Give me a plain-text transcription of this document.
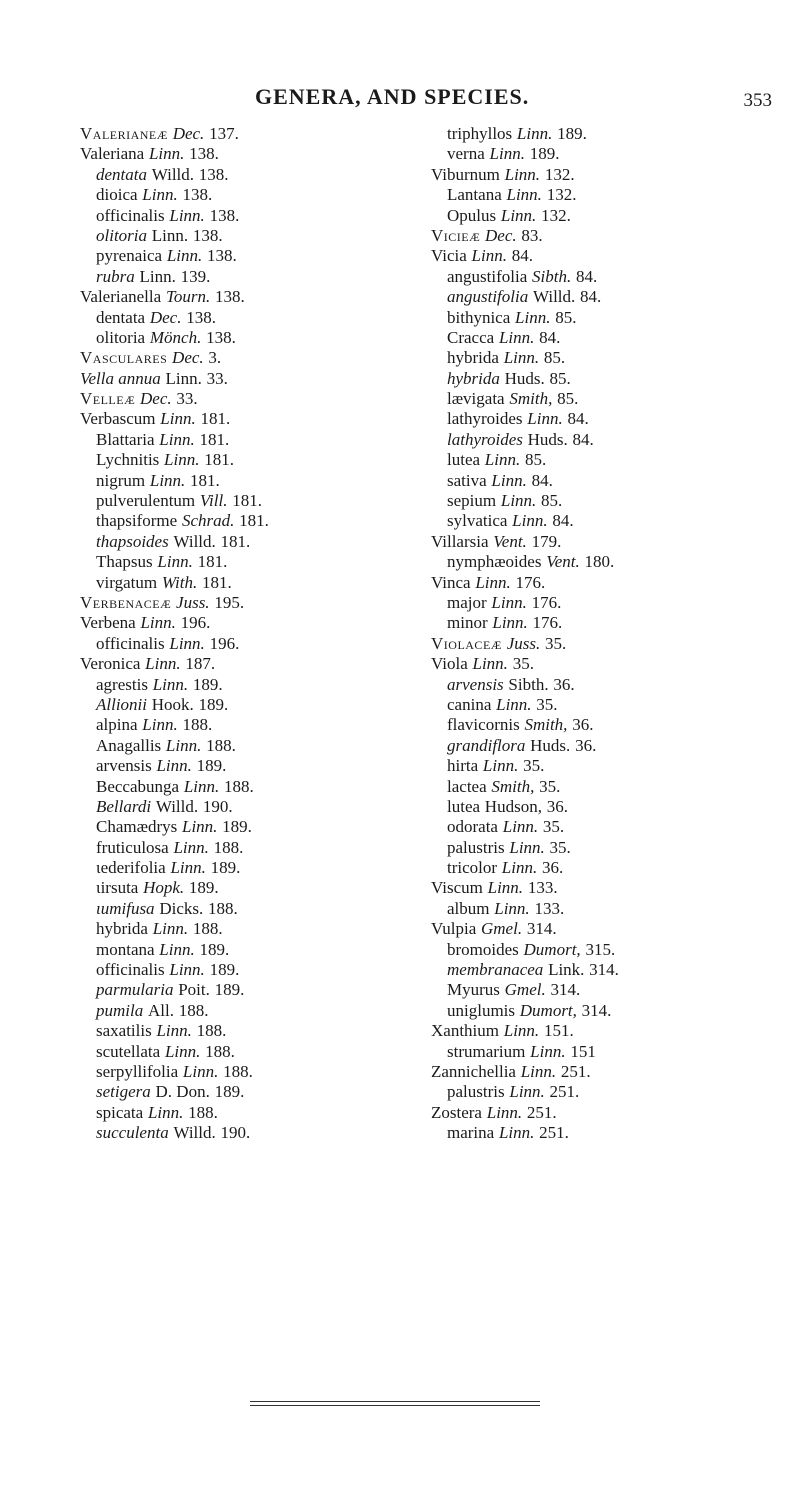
GENERA, AND SPECIES.	353
Valerianeæ Dec. 137.
Valeriana Linn. 138.
dentata Willd. 138.
dioica Linn. 138.
officinalis Linn. 138.
olitoria Linn. 138.
pyrenaica Linn. 138.
rubra Linn. 139.
Valerianella Tourn. 138.
dentata Dec. 138.
olitoria Mönch. 138.
Vasculares Dec. 3.
Vella annua Linn. 33.
Velleæ Dec. 33.
Verbascum Linn. 181.
Blattaria Linn. 181.
Lychnitis Linn. 181.
nigrum Linn. 181.
pulverulentum Vill. 181.
thapsiforme Schrad. 181.
thapsoides Willd. 181.
Thapsus Linn. 181.
virgatum With. 181.
Verbenaceæ Juss. 195.
Verbena Linn. 196.
officinalis Linn. 196.
Veronica Linn. 187.
agrestis Linn. 189.
Allionii Hook. 189.
alpina Linn. 188.
Anagallis Linn. 188.
arvensis Linn. 189.
Beccabunga Linn. 188.
Bellardi Willd. 190.
Chamædrys Linn. 189.
fruticulosa Linn. 188.
ιederifolia Linn. 189.
ιirsuta Hopk. 189.
ιumifusa Dicks. 188.
hybrida Linn. 188.
montana Linn. 189.
officinalis Linn. 189.
parmularia Poit. 189.
pumila All. 188.
saxatilis Linn. 188.
scutellata Linn. 188.
serpyllifolia Linn. 188.
setigera D. Don. 189.
spicata Linn. 188.
succulenta Willd. 190.
triphyllos Linn. 189.
verna Linn. 189.
Viburnum Linn. 132.
Lantana Linn. 132.
Opulus Linn. 132.
Vicieæ Dec. 83.
Vicia Linn. 84.
angustifolia Sibth. 84.
angustifolia Willd. 84.
bithynica Linn. 85.
Cracca Linn. 84.
hybrida Linn. 85.
hybrida Huds. 85.
lævigata Smith, 85.
lathyroides Linn. 84.
lathyroides Huds. 84.
lutea Linn. 85.
sativa Linn. 84.
sepium Linn. 85.
sylvatica Linn. 84.
Villarsia Vent. 179.
nymphæoides Vent. 180.
Vinca Linn. 176.
major Linn. 176.
minor Linn. 176.
Violaceæ Juss. 35.
Viola Linn. 35.
arvensis Sibth. 36.
canina Linn. 35.
flavicornis Smith, 36.
grandiflora Huds. 36.
hirta Linn. 35.
lactea Smith, 35.
lutea Hudson, 36.
odorata Linn. 35.
palustris Linn. 35.
tricolor Linn. 36.
Viscum Linn. 133.
album Linn. 133.
Vulpia Gmel. 314.
bromoides Dumort, 315.
membranacea Link. 314.
Myurus Gmel. 314.
uniglumis Dumort, 314.
Xanthium Linn. 151.
strumarium Linn. 151
Zannichellia Linn. 251.
palustris Linn. 251.
Zostera Linn. 251.
marina Linn. 251.
